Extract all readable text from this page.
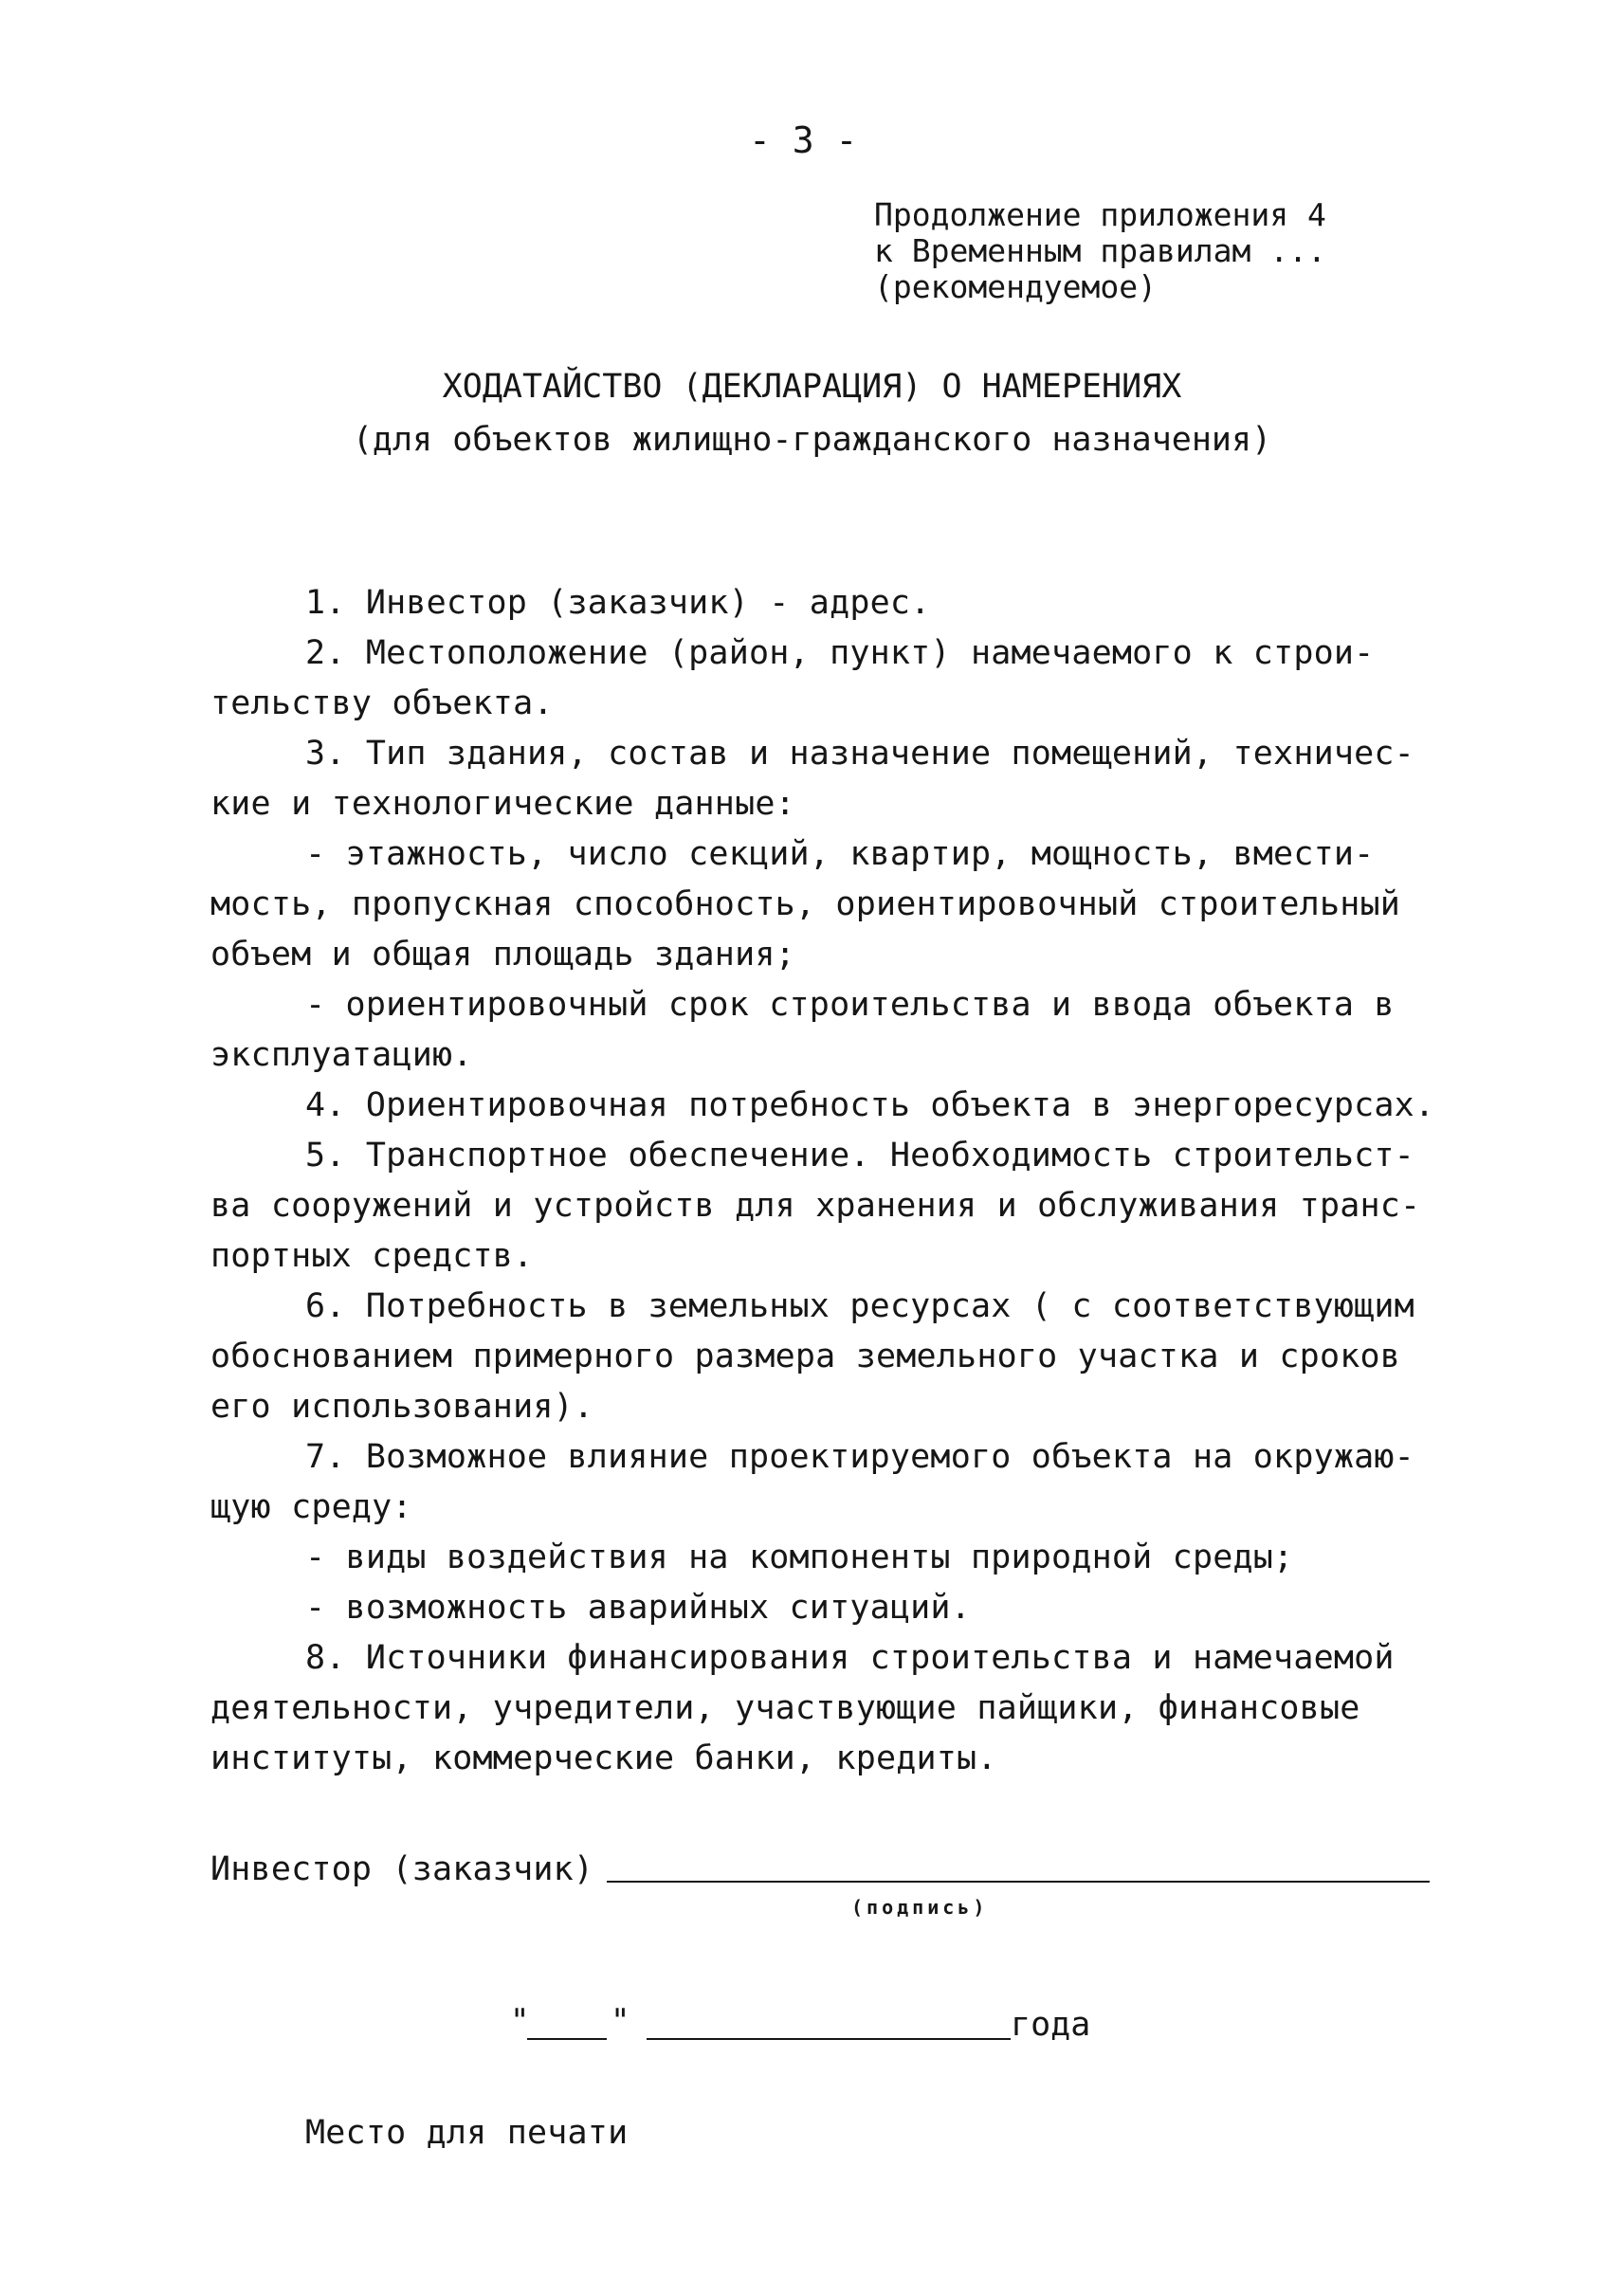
- 3 -
Продолжение приложения 4
к Временным правилам ...
(рекомендуемое)
ХОДАТАЙСТВО (ДЕКЛАРАЦИЯ) О НАМЕРЕНИЯХ
(для объектов жилищно-гражданского назначения)
1. Инвестор (заказчик) - адрес.
2. Местоположение (район, пункт) намечаемого к строи-
тельству объекта.
3. Тип здания, состав и назначение помещений, техничес-
кие и технологические данные:
- этажность, число секций, квартир, мощность, вмести-
мость, пропускная способность, ориентировочный строительный
объем и общая площадь здания;
- ориентировочный срок строительства и ввода объекта в
эксплуатацию.
4. Ориентировочная потребность объекта в энергоресурсах.
5. Транспортное обеспечение. Необходимость строительст-
ва сооружений и устройств для хранения и обслуживания транс-
портных средств.
6. Потребность в земельных ресурсах ( с соответствующим
обоснованием примерного размера земельного участка и сроков
его использования).
7. Возможное влияние проектируемого объекта на окружаю-
щую среду:
- виды воздействия на компоненты природной среды;
- возможность аварийных ситуаций.
8. Источники финансирования строительства и намечаемой
деятельности, учредители, участвующие пайщики, финансовые
институты, коммерческие банки, кредиты.
Инвестор (заказчик)
(подпись)
"	"	года
Место для печати
